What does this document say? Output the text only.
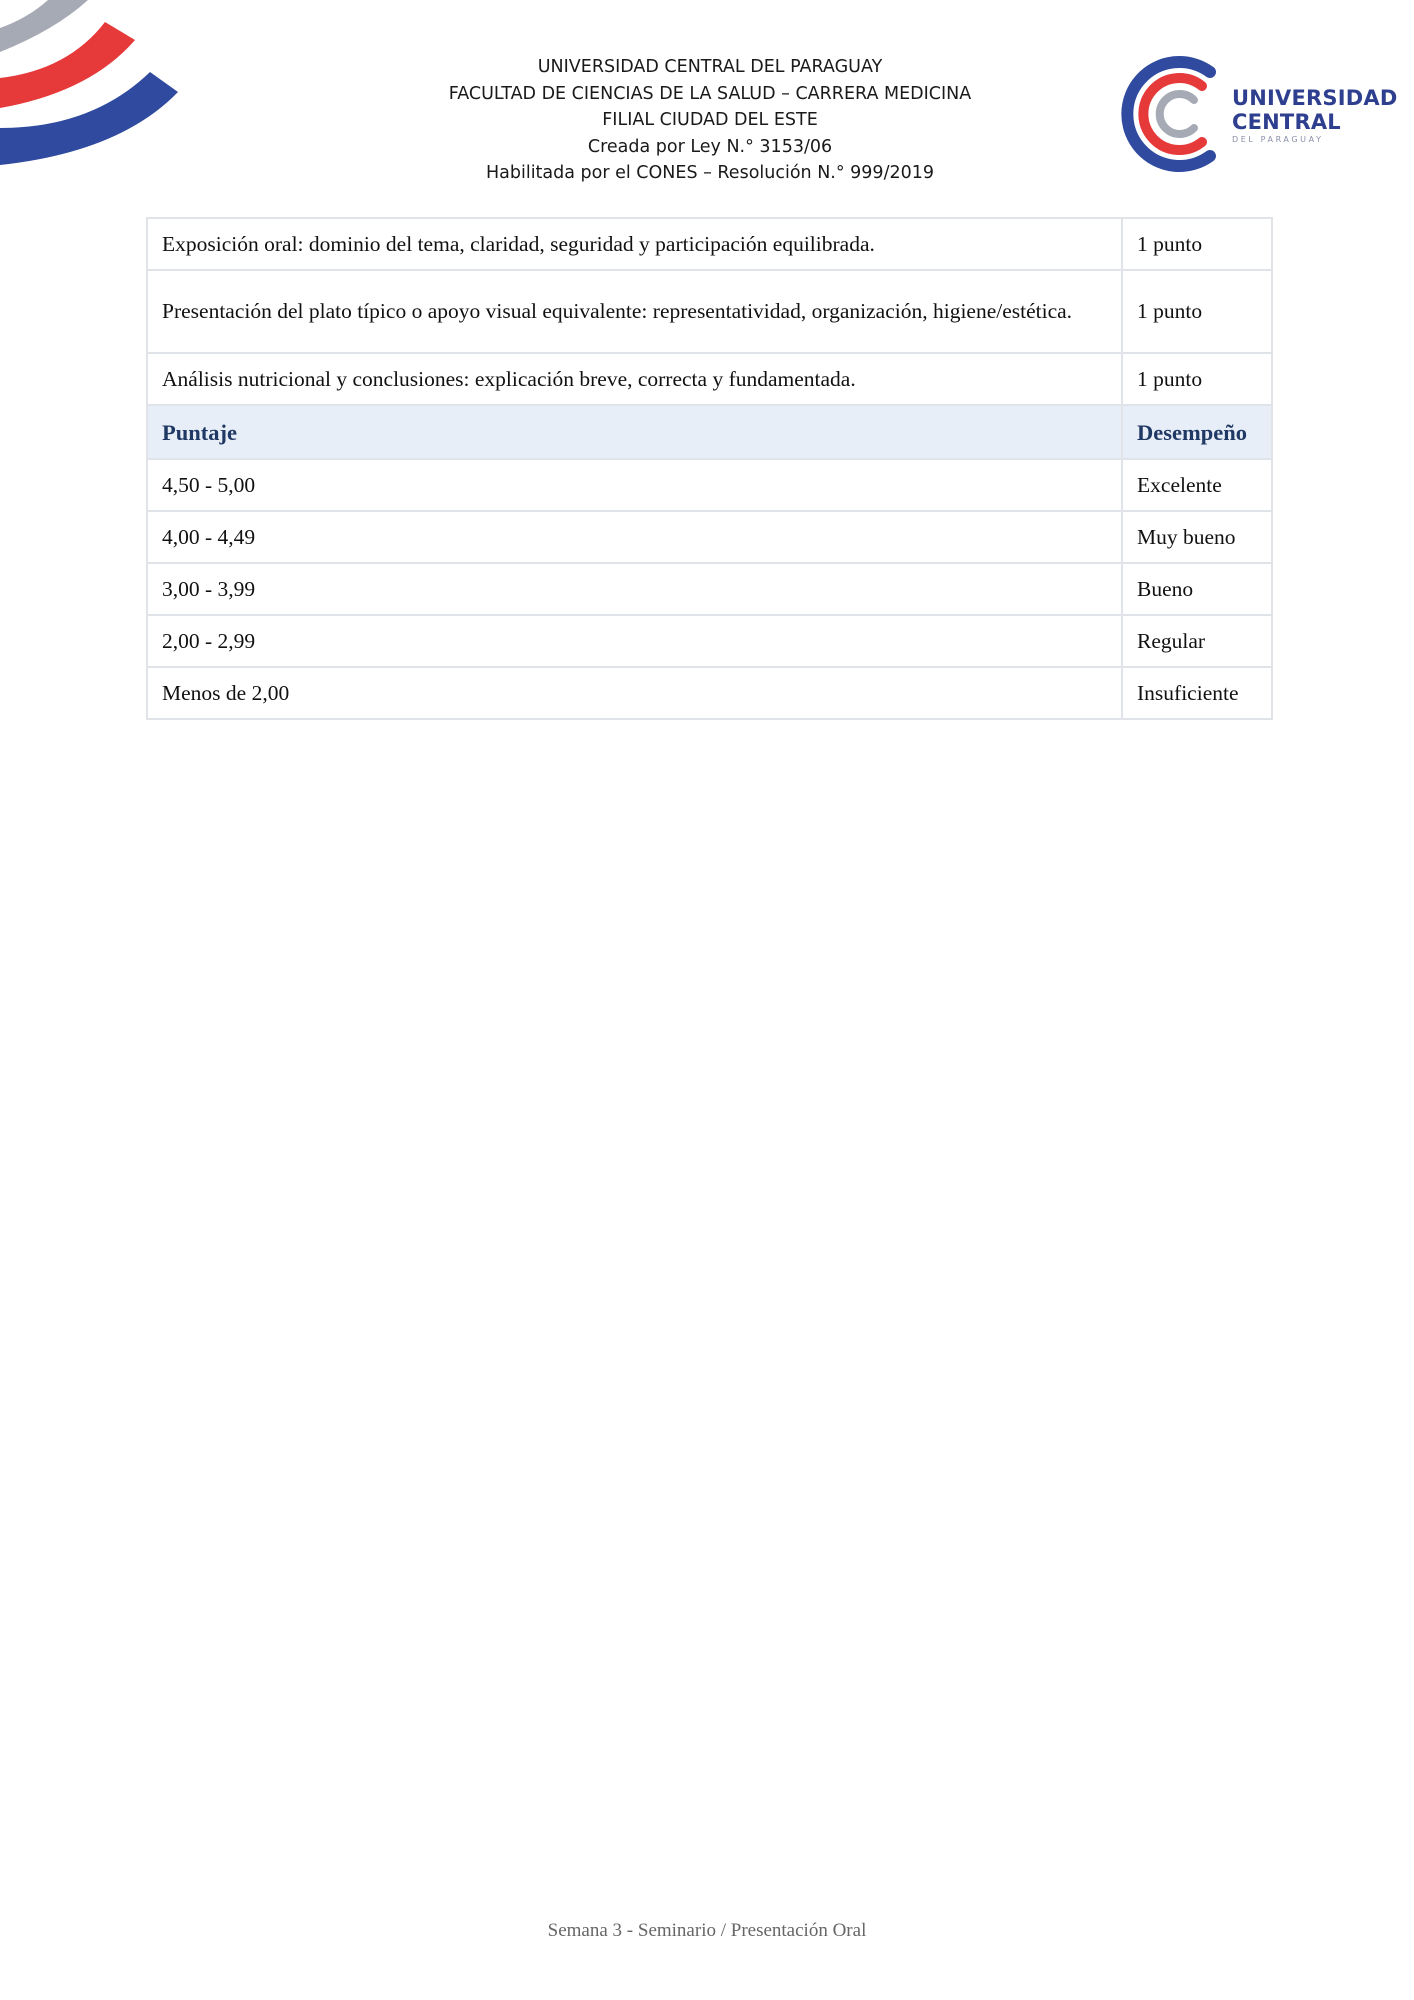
UNIVERSIDAD CENTRAL DEL PARAGUAY
FACULTAD DE CIENCIAS DE LA SALUD – CARRERA MEDICINA
FILIAL CIUDAD DEL ESTE
Creada por Ley N.° 3153/06
Habilitada por el CONES – Resolución N.° 999/2019
UNIVERSIDAD
CENTRAL
DEL PARAGUAY
Exposición oral: dominio del tema, claridad, seguridad y participación equilibrada.	1 punto
Presentación del plato típico o apoyo visual equivalente: representatividad, organización, higiene/estética.	1 punto
Análisis nutricional y conclusiones: explicación breve, correcta y fundamentada.	1 punto
Puntaje	Desempeño
4,50 - 5,00	Excelente
4,00 - 4,49	Muy bueno
3,00 - 3,99	Bueno
2,00 - 2,99	Regular
Menos de 2,00	Insuficiente
Semana 3 - Seminario / Presentación Oral
